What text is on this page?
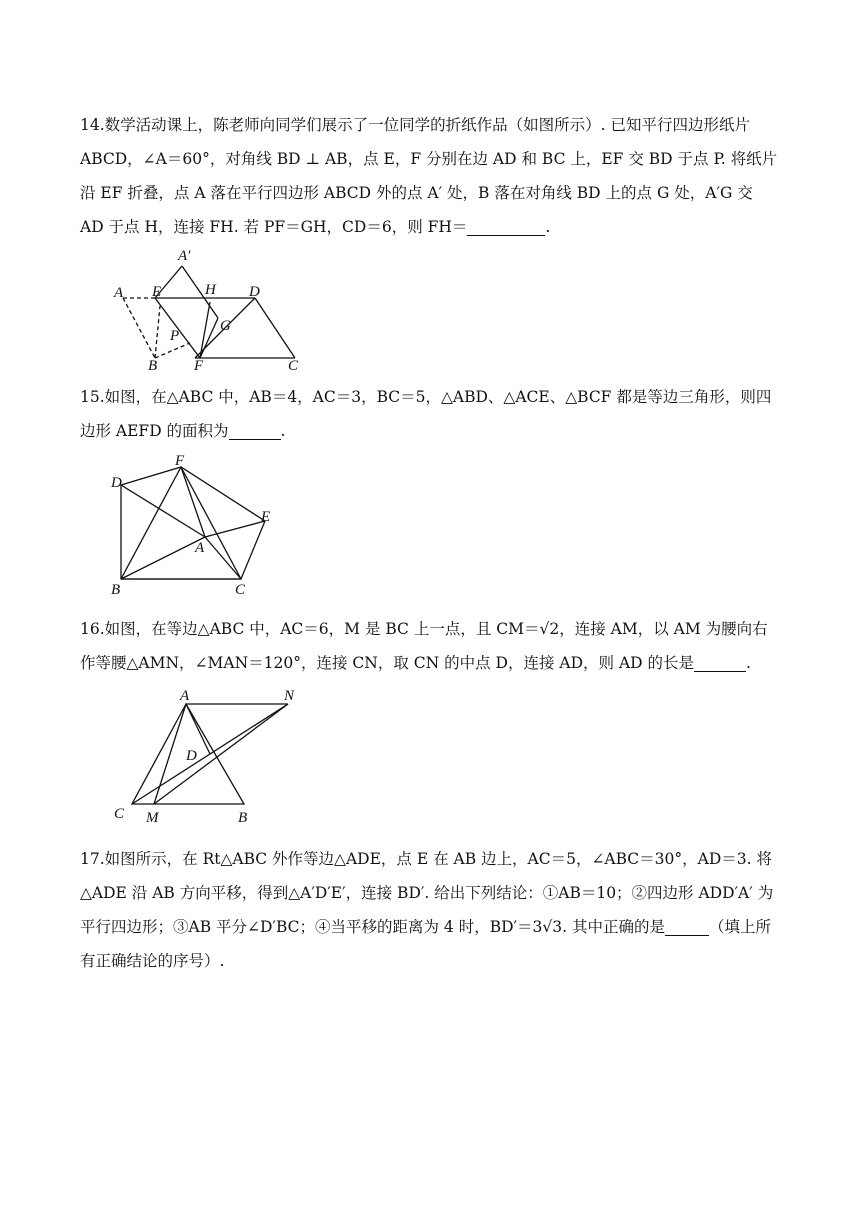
14.数学活动课上，陈老师向同学们展示了一位同学的折纸作品（如图所示）. 已知平行四边形纸片 ABCD，∠A＝60°，对角线 BD ⊥ AB，点 E，F 分别在边 AD 和 BC 上，EF 交 BD 于点 P. 将纸片沿 EF 折叠，点 A 落在平行四边形 ABCD 外的点 A′ 处，B 落在对角线 BD 上的点 G 处，A′G 交 AD 于点 H，连接 FH. 若 PF＝GH，CD＝6，则 FH＝	.

A′
A E	H D
P
G
B F	C

15.如图，在△ABC 中，AB＝4，AC＝3，BC＝5，△ABD、△ACE、△BCF 都是等边三角形，则四边形 AEFD 的面积为	.

D
F
E
A
B	C

16.如图，在等边△ABC 中，AC＝6，M 是 BC 上一点，且 CM＝√2，连接 AM，以 AM 为腰向右作等腰△AMN，∠MAN＝120°，连接 CN，取 CN 的中点 D，连接 AD，则 AD 的长是	.

A	N
D
C M	B

17.如图所示，在 Rt△ABC 外作等边△ADE，点 E 在 AB 边上，AC＝5，∠ABC＝30°，AD＝3. 将△ADE 沿 AB 方向平移，得到△A′D′E′，连接 BD′. 给出下列结论：①AB＝10；②四边形 ADD′A′ 为平行四边形；③AB 平分∠D′BC；④当平移的距离为 4 时，BD′＝3√3. 其中正确的是	（填上所有正确结论的序号）.
